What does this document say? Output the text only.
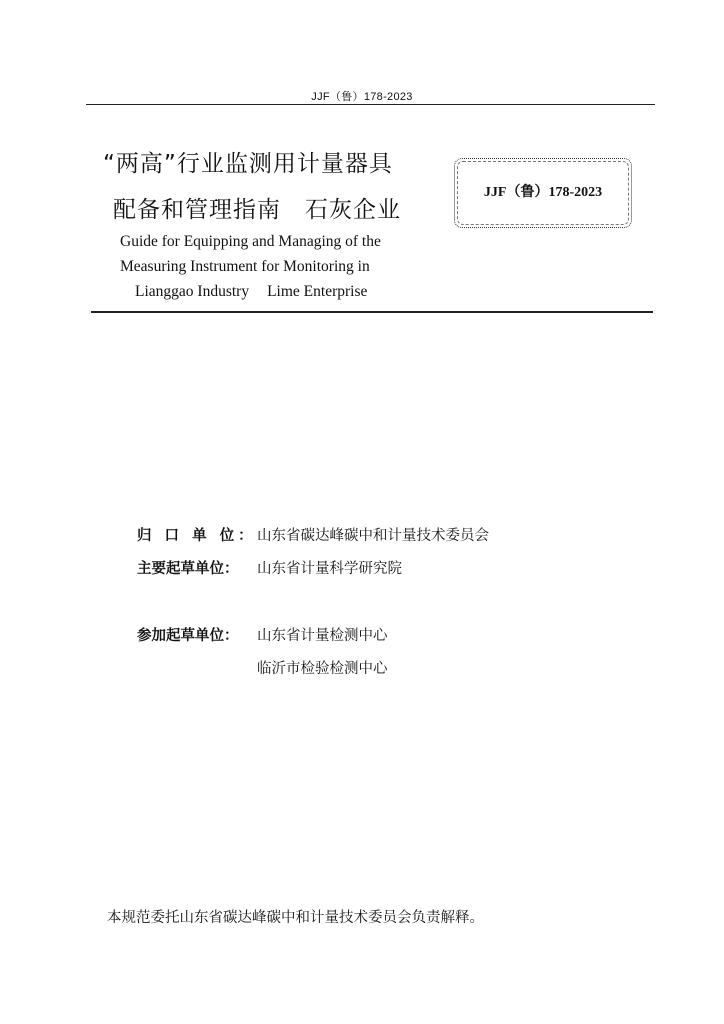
JJF（鲁）178-2023
“两高”行业监测用计量器具
配备和管理指南 石灰企业
JJF（鲁）178-2023
Guide for Equipping and Managing of the
Measuring Instrument for Monitoring in
Lianggao Industry Lime Enterprise
归 口 单 位： 山东省碳达峰碳中和计量技术委员会
主要起草单位： 山东省计量科学研究院
参加起草单位： 山东省计量检测中心
临沂市检验检测中心
本规范委托山东省碳达峰碳中和计量技术委员会负责解释。
